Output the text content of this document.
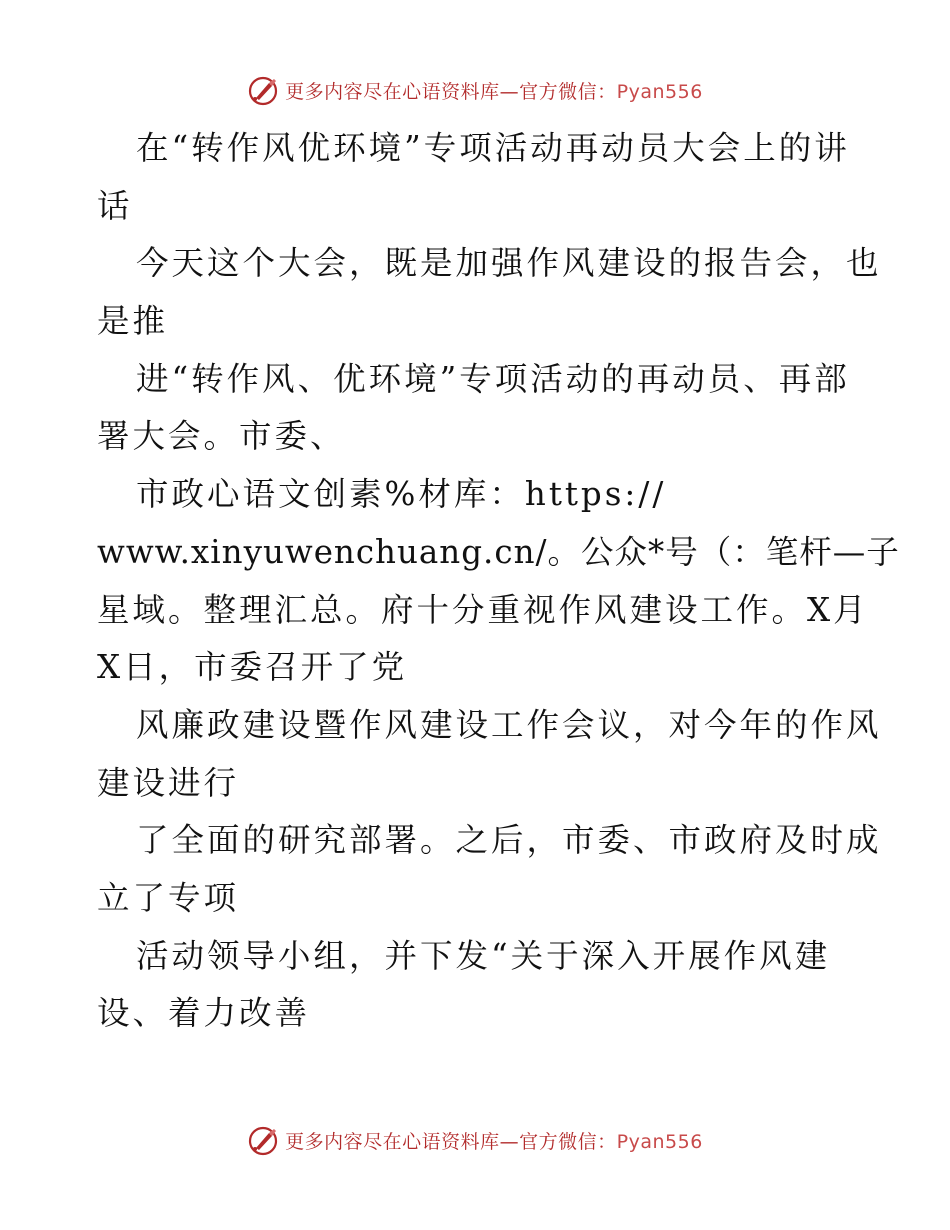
更多内容尽在心语资料库—官方微信：Pyan556
在“转作风优环境”专项活动再动员大会上的讲
话
今天这个大会，既是加强作风建设的报告会，也
是推
进“转作风、优环境”专项活动的再动员、再部
署大会。市委、
市政心语文创素%材库：https://
www.xinyuwenchuang.cn/。公众*号（：笔杆—子
星域。整理汇总。府十分重视作风建设工作。X月
X日，市委召开了党
风廉政建设暨作风建设工作会议，对今年的作风
建设进行
了全面的研究部署。之后，市委、市政府及时成
立了专项
活动领导小组，并下发“关于深入开展作风建
设、着力改善
更多内容尽在心语资料库—官方微信：Pyan556
